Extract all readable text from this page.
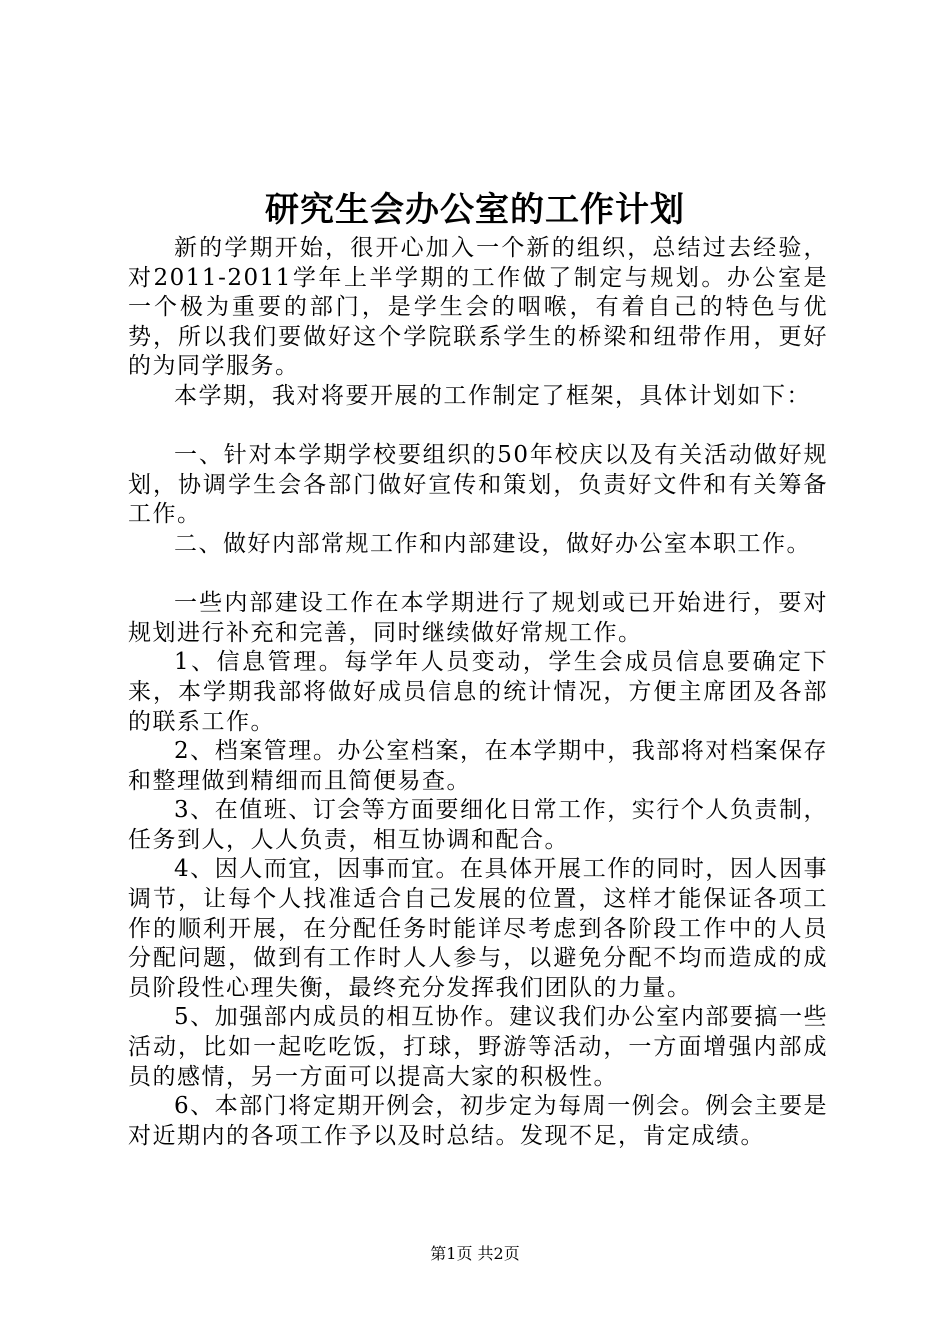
研究生会办公室的工作计划

新的学期开始，很开心加入一个新的组织，总结过去经验，对2011-2011学年上半学期的工作做了制定与规划。办公室是一个极为重要的部门，是学生会的咽喉，有着自己的特色与优势，所以我们要做好这个学院联系学生的桥梁和纽带作用，更好的为同学服务。

本学期，我对将要开展的工作制定了框架，具体计划如下：

一、针对本学期学校要组织的50年校庆以及有关活动做好规划，协调学生会各部门做好宣传和策划，负责好文件和有关筹备工作。

二、做好内部常规工作和内部建设，做好办公室本职工作。

一些内部建设工作在本学期进行了规划或已开始进行，要对规划进行补充和完善，同时继续做好常规工作。

1、信息管理。每学年人员变动，学生会成员信息要确定下来，本学期我部将做好成员信息的统计情况，方便主席团及各部的联系工作。

2、档案管理。办公室档案，在本学期中，我部将对档案保存和整理做到精细而且简便易查。

3、在值班、订会等方面要细化日常工作，实行个人负责制，任务到人，人人负责，相互协调和配合。

4、因人而宜，因事而宜。在具体开展工作的同时，因人因事调节，让每个人找准适合自己发展的位置，这样才能保证各项工作的顺利开展，在分配任务时能详尽考虑到各阶段工作中的人员分配问题，做到有工作时人人参与，以避免分配不均而造成的成员阶段性心理失衡，最终充分发挥我们团队的力量。

5、加强部内成员的相互协作。建议我们办公室内部要搞一些活动，比如一起吃吃饭，打球，野游等活动，一方面增强内部成员的感情，另一方面可以提高大家的积极性。

6、本部门将定期开例会，初步定为每周一例会。例会主要是对近期内的各项工作予以及时总结。发现不足，肯定成绩。

第1页 共2页
